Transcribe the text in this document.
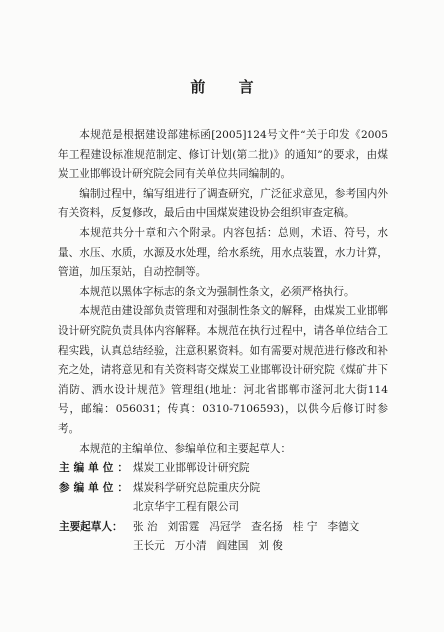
前 言

本规范是根据建设部建标函[2005]124号文件“关于印发《2005年工程建设标准规范制定、修订计划(第二批)》的通知”的要求，由煤炭工业邯郸设计研究院会同有关单位共同编制的。

编制过程中，编写组进行了调查研究，广泛征求意见，参考国内外有关资料，反复修改，最后由中国煤炭建设协会组织审查定稿。

本规范共分十章和六个附录。内容包括：总则，术语、符号，水量、水压、水质，水源及水处理，给水系统，用水点装置，水力计算，管道，加压泵站，自动控制等。

本规范以黑体字标志的条文为强制性条文，必须严格执行。

本规范由建设部负责管理和对强制性条文的解释，由煤炭工业邯郸设计研究院负责具体内容解释。本规范在执行过程中，请各单位结合工程实践，认真总结经验，注意积累资料。如有需要对规范进行修改和补充之处，请将意见和有关资料寄交煤炭工业邯郸设计研究院《煤矿井下消防、洒水设计规范》管理组(地址：河北省邯郸市滏河北大街114号，邮编：056031；传真：0310-7106593)，以供今后修订时参考。

本规范的主编单位、参编单位和主要起草人：

主编单位： 煤炭工业邯郸设计研究院
参编单位： 煤炭科学研究总院重庆分院
北京华宇工程有限公司
主要起草人： 张 治 刘雷霆 冯冠学 查名扬 桂 宁 李德文
王长元 万小清 阎建国 刘 俊
